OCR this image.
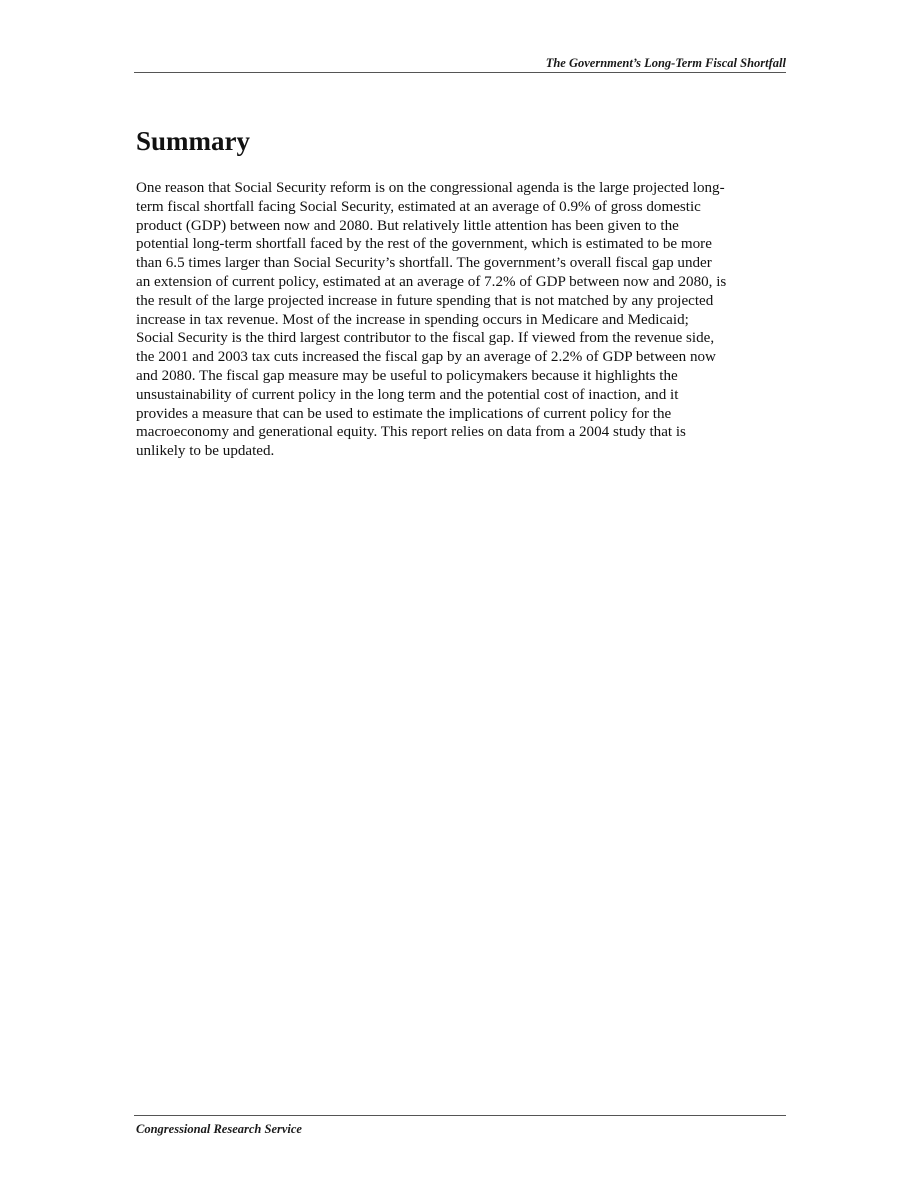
The Government’s Long-Term Fiscal Shortfall
Summary

One reason that Social Security reform is on the congressional agenda is the large projected long-
term fiscal shortfall facing Social Security, estimated at an average of 0.9% of gross domestic
product (GDP) between now and 2080. But relatively little attention has been given to the
potential long-term shortfall faced by the rest of the government, which is estimated to be more
than 6.5 times larger than Social Security’s shortfall. The government’s overall fiscal gap under
an extension of current policy, estimated at an average of 7.2% of GDP between now and 2080, is
the result of the large projected increase in future spending that is not matched by any projected
increase in tax revenue. Most of the increase in spending occurs in Medicare and Medicaid;
Social Security is the third largest contributor to the fiscal gap. If viewed from the revenue side,
the 2001 and 2003 tax cuts increased the fiscal gap by an average of 2.2% of GDP between now
and 2080. The fiscal gap measure may be useful to policymakers because it highlights the
unsustainability of current policy in the long term and the potential cost of inaction, and it
provides a measure that can be used to estimate the implications of current policy for the
macroeconomy and generational equity. This report relies on data from a 2004 study that is
unlikely to be updated.

Congressional Research Service
